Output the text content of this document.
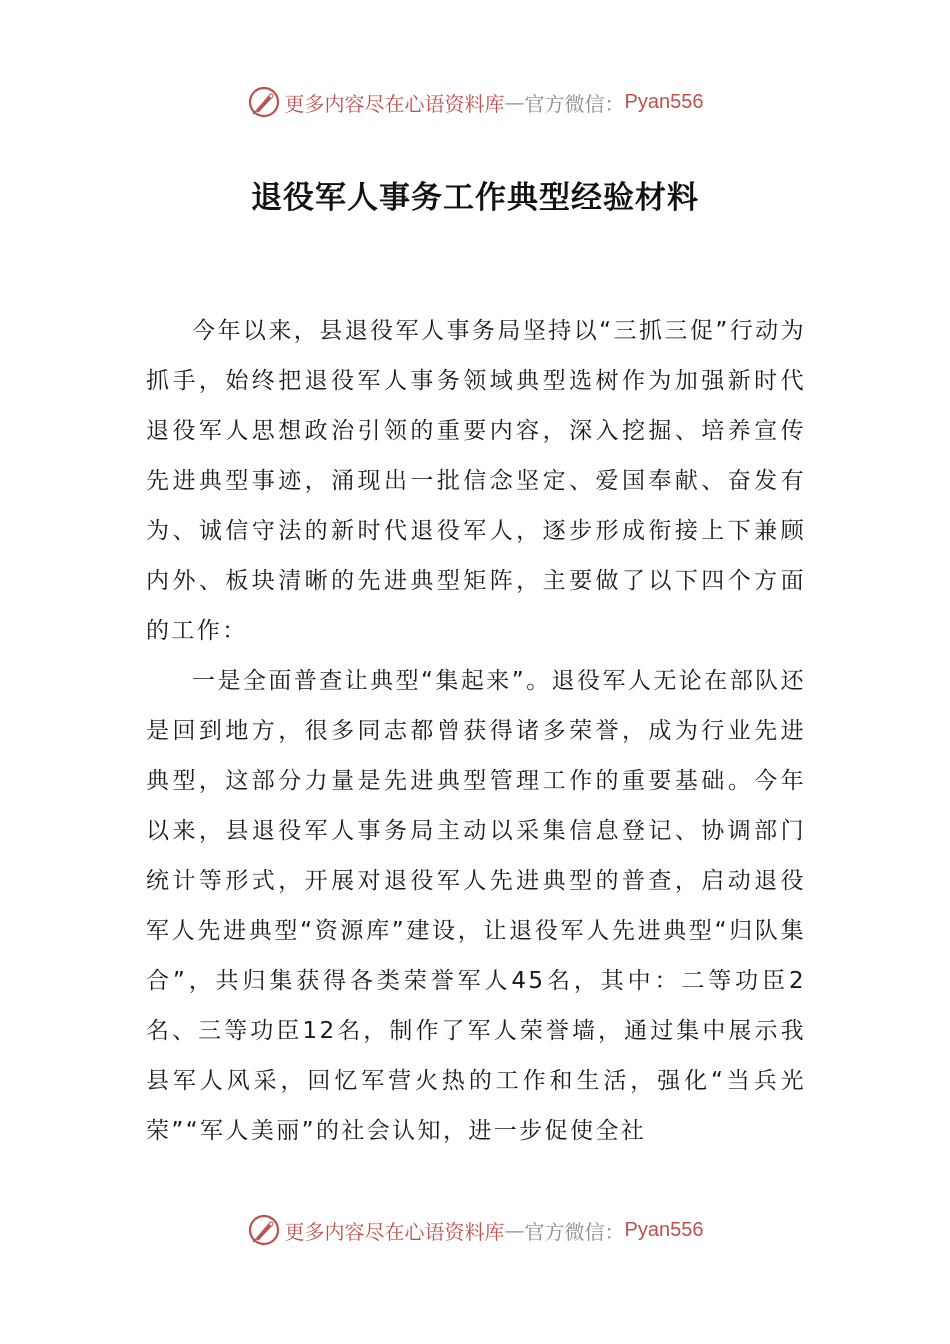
更多内容尽在心语资料库 — 官方微信： Pyan556
退役军人事务工作典型经验材料

今年以来，县退役军人事务局坚持以“三抓三促”行动为抓手，始终把退役军人事务领域典型选树作为加强新时代退役军人思想政治引领的重要内容，深入挖掘、培养宣传先进典型事迹，涌现出一批信念坚定、爱国奉献、奋发有为、诚信守法的新时代退役军人，逐步形成衔接上下兼顾内外、板块清晰的先进典型矩阵，主要做了以下四个方面的工作：

一是全面普查让典型“集起来”。退役军人无论在部队还是回到地方，很多同志都曾获得诸多荣誉，成为行业先进典型，这部分力量是先进典型管理工作的重要基础。今年以来，县退役军人事务局主动以采集信息登记、协调部门统计等形式，开展对退役军人先进典型的普查，启动退役军人先进典型“资源库”建设，让退役军人先进典型“归队集合”，共归集获得各类荣誉军人45名，其中：二等功臣2名、三等功臣12名，制作了军人荣誉墙，通过集中展示我县军人风采，回忆军营火热的工作和生活，强化“当兵光荣”“军人美丽”的社会认知，进一步促使全社

更多内容尽在心语资料库 — 官方微信： Pyan556
